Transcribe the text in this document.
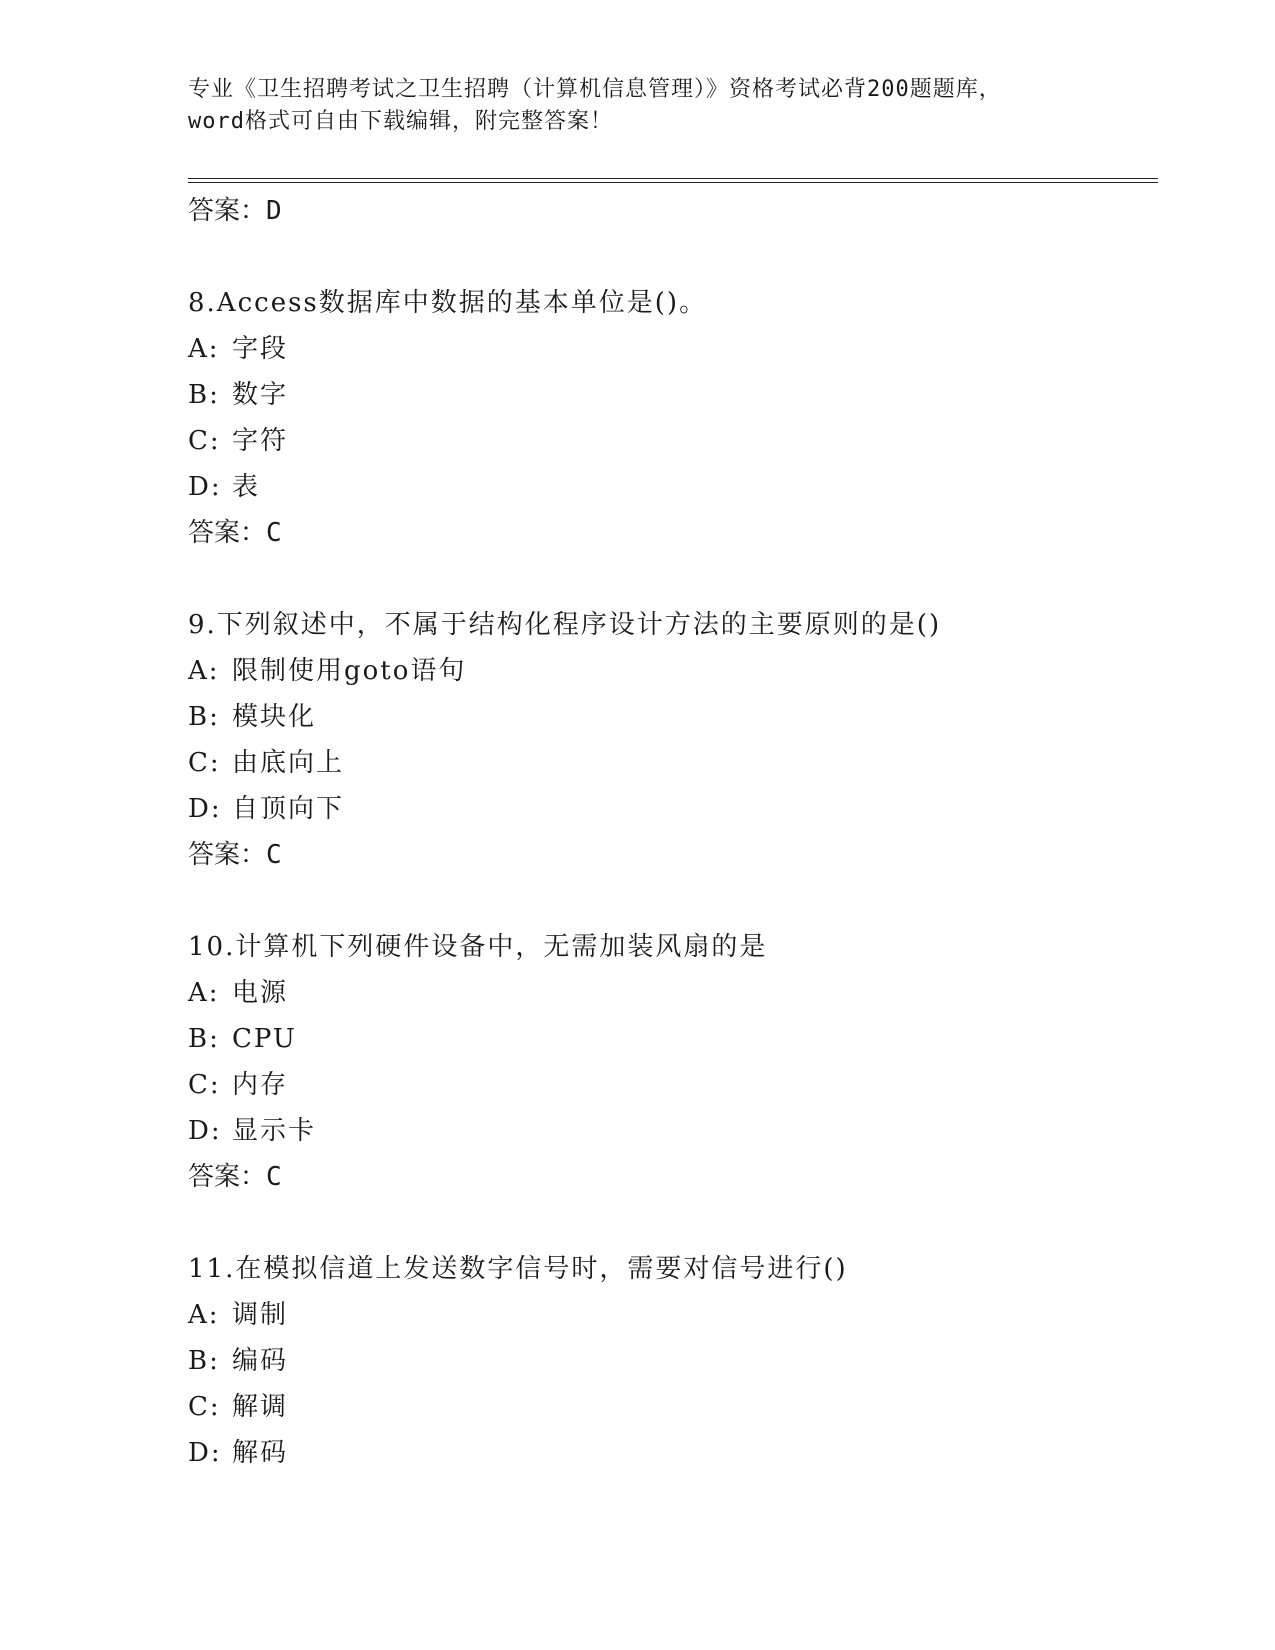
专业《卫生招聘考试之卫生招聘（计算机信息管理）》资格考试必背200题题库，
word格式可自由下载编辑，附完整答案！
答案：D
8.Access数据库中数据的基本单位是()。
A: 字段
B: 数字
C: 字符
D: 表
答案：C
9.下列叙述中，不属于结构化程序设计方法的主要原则的是()
A: 限制使用goto语句
B: 模块化
C: 由底向上
D: 自顶向下
答案：C
10.计算机下列硬件设备中，无需加装风扇的是
A: 电源
B: CPU
C: 内存
D: 显示卡
答案：C
11.在模拟信道上发送数字信号时，需要对信号进行()
A: 调制
B: 编码
C: 解调
D: 解码
